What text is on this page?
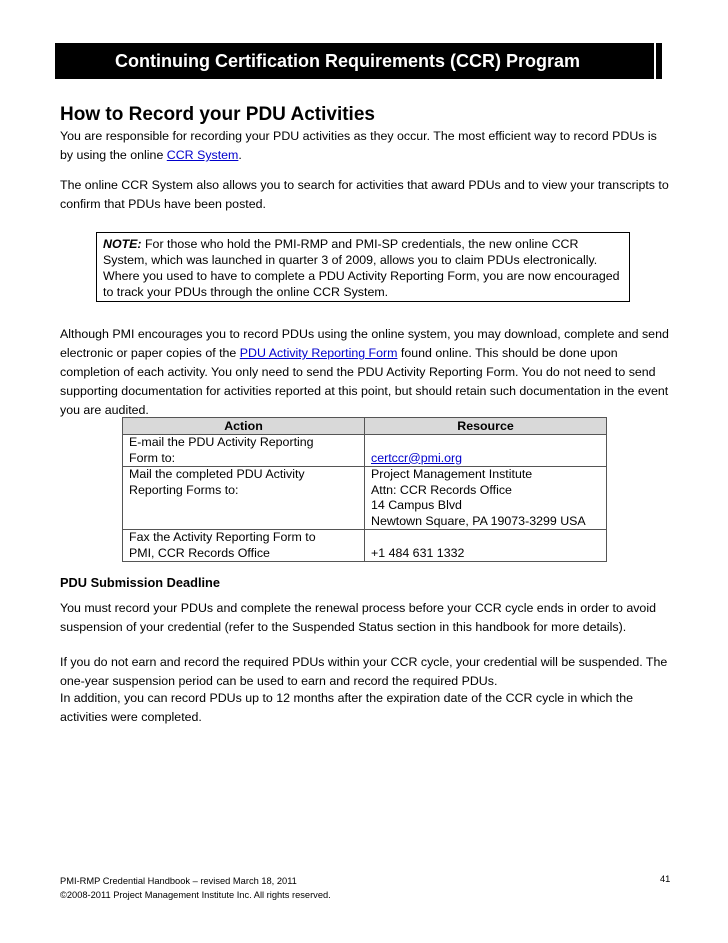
Continuing Certification Requirements (CCR) Program
How to Record your PDU Activities

You are responsible for recording your PDU activities as they occur. The most efficient way to record PDUs is by using the online CCR System.

The online CCR System also allows you to search for activities that award PDUs and to view your transcripts to confirm that PDUs have been posted.

NOTE: For those who hold the PMI-RMP and PMI-SP credentials, the new online CCR System, which was launched in quarter 3 of 2009, allows you to claim PDUs electronically. Where you used to have to complete a PDU Activity Reporting Form, you are now encouraged to track your PDUs through the online CCR System.

Although PMI encourages you to record PDUs using the online system, you may download, complete and send electronic or paper copies of the PDU Activity Reporting Form found online. This should be done upon completion of each activity. You only need to send the PDU Activity Reporting Form. You do not need to send supporting documentation for activities reported at this point, but should retain such documentation in the event you are audited.

Action	Resource

E-mail the PDU Activity Reporting
Form to:	certccr@pmi.org

Mail the completed PDU Activity
Reporting Forms to:	Project Management Institute
Attn: CCR Records Office
14 Campus Blvd
Newtown Square, PA 19073-3299 USA

Fax the Activity Reporting Form to
PMI, CCR Records Office	+1 484 631 1332
PDU Submission Deadline

You must record your PDUs and complete the renewal process before your CCR cycle ends in order to avoid suspension of your credential (refer to the Suspended Status section in this handbook for more details).

If you do not earn and record the required PDUs within your CCR cycle, your credential will be suspended. The one-year suspension period can be used to earn and record the required PDUs.

In addition, you can record PDUs up to 12 months after the expiration date of the CCR cycle in which the activities were completed.

PMI-RMP Credential Handbook – revised March 18, 2011
©2008-2011 Project Management Institute Inc. All rights reserved.
41
